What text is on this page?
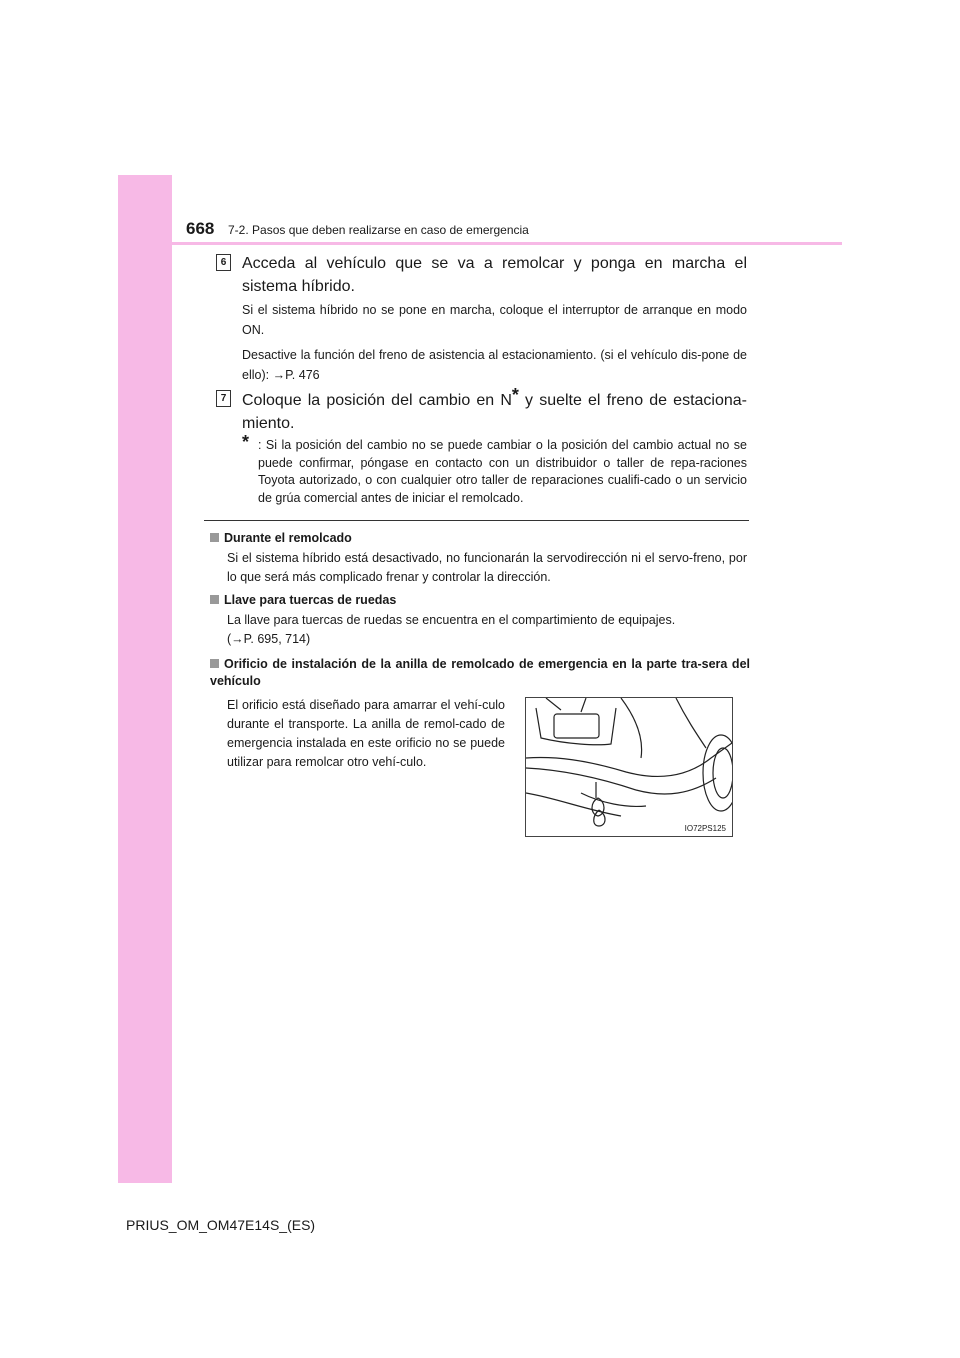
668 7-2. Pasos que deben realizarse en caso de emergencia
6 Acceda al vehículo que se va a remolcar y ponga en marcha el sistema híbrido.
Si el sistema híbrido no se pone en marcha, coloque el interruptor de arranque en modo ON.
Desactive la función del freno de asistencia al estacionamiento. (si el vehículo dis-pone de ello): →P. 476
7 Coloque la posición del cambio en N* y suelte el freno de estaciona-miento.
* : Si la posición del cambio no se puede cambiar o la posición del cambio actual no se puede confirmar, póngase en contacto con un distribuidor o taller de repa-raciones Toyota autorizado, o con cualquier otro taller de reparaciones cualifi-cado o un servicio de grúa comercial antes de iniciar el remolcado.
Durante el remolcado
Si el sistema híbrido está desactivado, no funcionarán la servodirección ni el servo-freno, por lo que será más complicado frenar y controlar la dirección.
Llave para tuercas de ruedas
La llave para tuercas de ruedas se encuentra en el compartimiento de equipajes.
(→P. 695, 714)
Orificio de instalación de la anilla de remolcado de emergencia en la parte tra-sera del vehículo
El orificio está diseñado para amarrar el vehí-culo durante el transporte. La anilla de remol-cado de emergencia instalada en este orificio no se puede utilizar para remolcar otro vehí-culo.
IO72PS125
PRIUS_OM_OM47E14S_(ES)
